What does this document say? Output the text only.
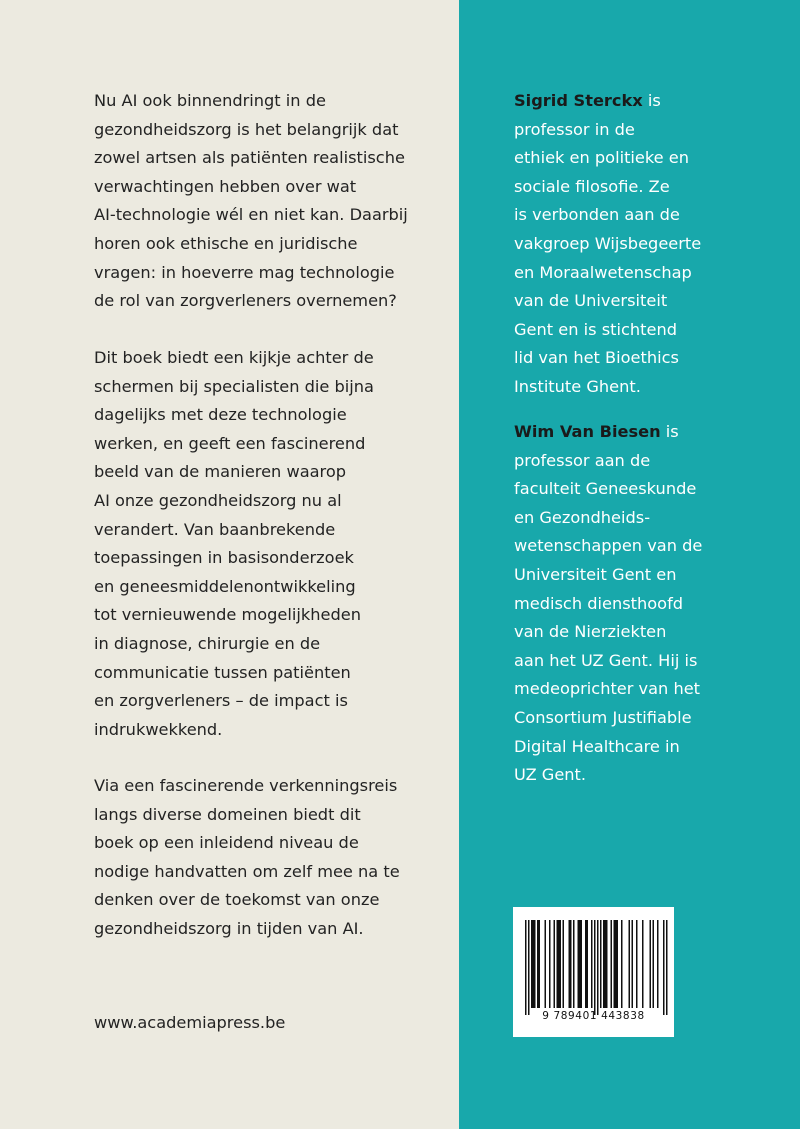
Nu AI ook binnendringt in de
gezondheidszorg is het belangrijk dat
zowel artsen als patiënten realistische
verwachtingen hebben over wat
AI-technologie wél en niet kan. Daarbij
horen ook ethische en juridische
vragen: in hoeverre mag technologie
de rol van zorgverleners overnemen?
Dit boek biedt een kijkje achter de
schermen bij specialisten die bijna
dagelijks met deze technologie
werken, en geeft een fascinerend
beeld van de manieren waarop
AI onze gezondheidszorg nu al
verandert. Van baanbrekende
toepassingen in basisonderzoek
en geneesmiddelenontwikkeling
tot vernieuwende mogelijkheden
in diagnose, chirurgie en de
communicatie tussen patiënten
en zorgverleners – de impact is
indrukwekkend.
Via een fascinerende verkenningsreis
langs diverse domeinen biedt dit
boek op een inleidend niveau de
nodige handvatten om zelf mee na te
denken over de toekomst van onze
gezondheidszorg in tijden van AI.
www.academiapress.be
Sigrid Sterckx is
professor in de
ethiek en politieke en
sociale filosofie. Ze
is verbonden aan de
vakgroep Wijsbegeerte
en Moraalwetenschap
van de Universiteit
Gent en is stichtend
lid van het Bioethics
Institute Ghent.
Wim Van Biesen is
professor aan de
faculteit Geneeskunde
en Gezondheids-
wetenschappen van de
Universiteit Gent en
medisch diensthoofd
van de Nierziekten
aan het UZ Gent. Hij is
medeoprichter van het
Consortium Justifiable
Digital Healthcare in
UZ Gent.
9 789401 443838
